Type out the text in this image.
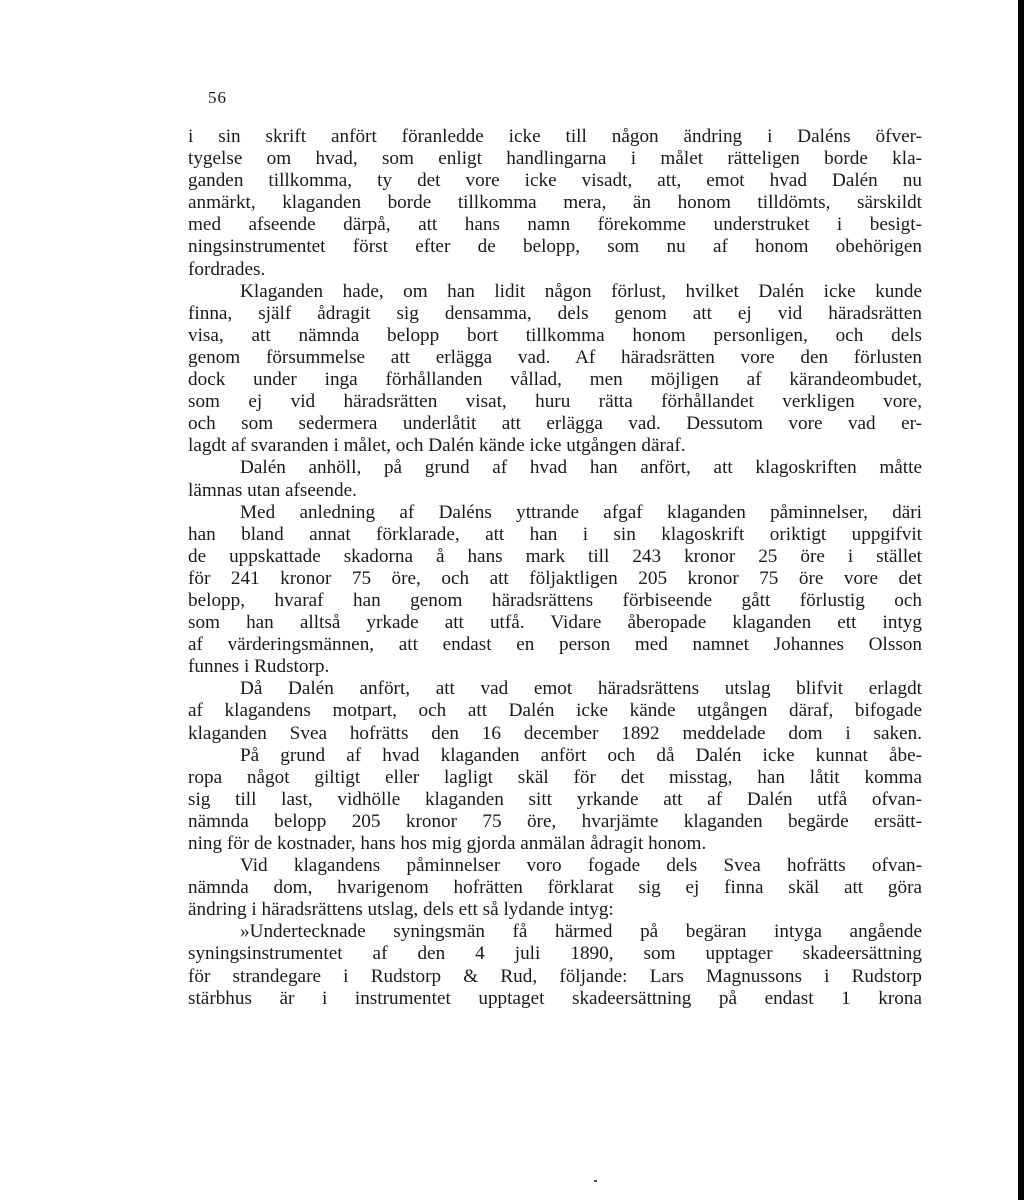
56
i sin skrift anfört föranledde icke till någon ändring i Daléns öfver-
tygelse om hvad, som enligt handlingarna i målet rätteligen borde kla-
ganden tillkomma, ty det vore icke visadt, att, emot hvad Dalén nu
anmärkt, klaganden borde tillkomma mera, än honom tilldömts, särskildt
med afseende därpå, att hans namn förekomme understruket i besigt-
ningsinstrumentet först efter de belopp, som nu af honom obehörigen
fordrades.
Klaganden hade, om han lidit någon förlust, hvilket Dalén icke kunde
finna, själf ådragit sig densamma, dels genom att ej vid häradsrätten
visa, att nämnda belopp bort tillkomma honom personligen, och dels
genom försummelse att erlägga vad. Af häradsrätten vore den förlusten
dock under inga förhållanden vållad, men möjligen af kärandeombudet,
som ej vid häradsrätten visat, huru rätta förhållandet verkligen vore,
och som sedermera underlåtit att erlägga vad. Dessutom vore vad er-
lagdt af svaranden i målet, och Dalén kände icke utgången däraf.
Dalén anhöll, på grund af hvad han anfört, att klagoskriften måtte
lämnas utan afseende.
Med anledning af Daléns yttrande afgaf klaganden påminnelser, däri
han bland annat förklarade, att han i sin klagoskrift oriktigt uppgifvit
de uppskattade skadorna å hans mark till 243 kronor 25 öre i stället
för 241 kronor 75 öre, och att följaktligen 205 kronor 75 öre vore det
belopp, hvaraf han genom häradsrättens förbiseende gått förlustig och
som han alltså yrkade att utfå. Vidare åberopade klaganden ett intyg
af värderingsmännen, att endast en person med namnet Johannes Olsson
funnes i Rudstorp.
Då Dalén anfört, att vad emot häradsrättens utslag blifvit erlagdt
af klagandens motpart, och att Dalén icke kände utgången däraf, bifogade
klaganden Svea hofrätts den 16 december 1892 meddelade dom i saken.
På grund af hvad klaganden anfört och då Dalén icke kunnat åbe-
ropa något giltigt eller lagligt skäl för det misstag, han låtit komma
sig till last, vidhölle klaganden sitt yrkande att af Dalén utfå ofvan-
nämnda belopp 205 kronor 75 öre, hvarjämte klaganden begärde ersätt-
ning för de kostnader, hans hos mig gjorda anmälan ådragit honom.
Vid klagandens påminnelser voro fogade dels Svea hofrätts ofvan-
nämnda dom, hvarigenom hofrätten förklarat sig ej finna skäl att göra
ändring i häradsrättens utslag, dels ett så lydande intyg:
»Undertecknade syningsmän få härmed på begäran intyga angående
syningsinstrumentet af den 4 juli 1890, som upptager skadeersättning
för strandegare i Rudstorp & Rud, följande: Lars Magnussons i Rudstorp
stärbhus är i instrumentet upptaget skadeersättning på endast 1 krona
